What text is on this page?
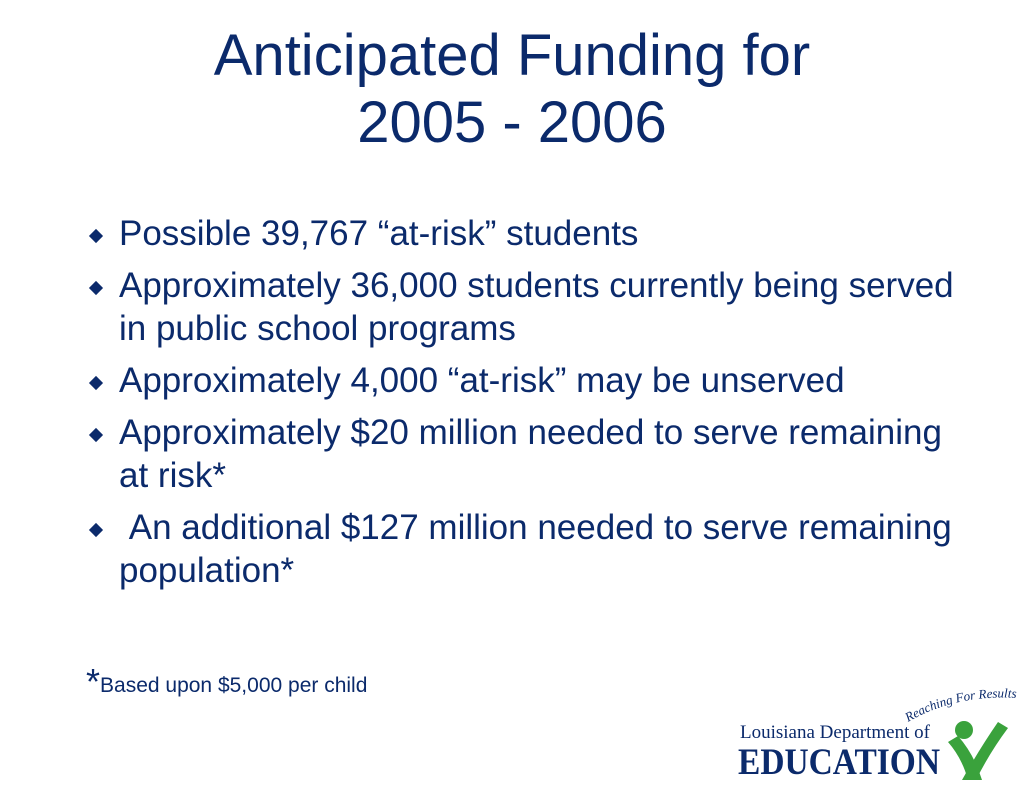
Anticipated Funding for
2005 - 2006
Possible 39,767 “at-risk” students
Approximately 36,000 students currently being served in public school programs
Approximately 4,000 “at-risk” may be unserved
Approximately $20 million needed to serve remaining at risk*
An additional $127 million needed to serve remaining population*
*Based upon $5,000 per child
Reaching For Results
Louisiana Department of
EDUCATION
